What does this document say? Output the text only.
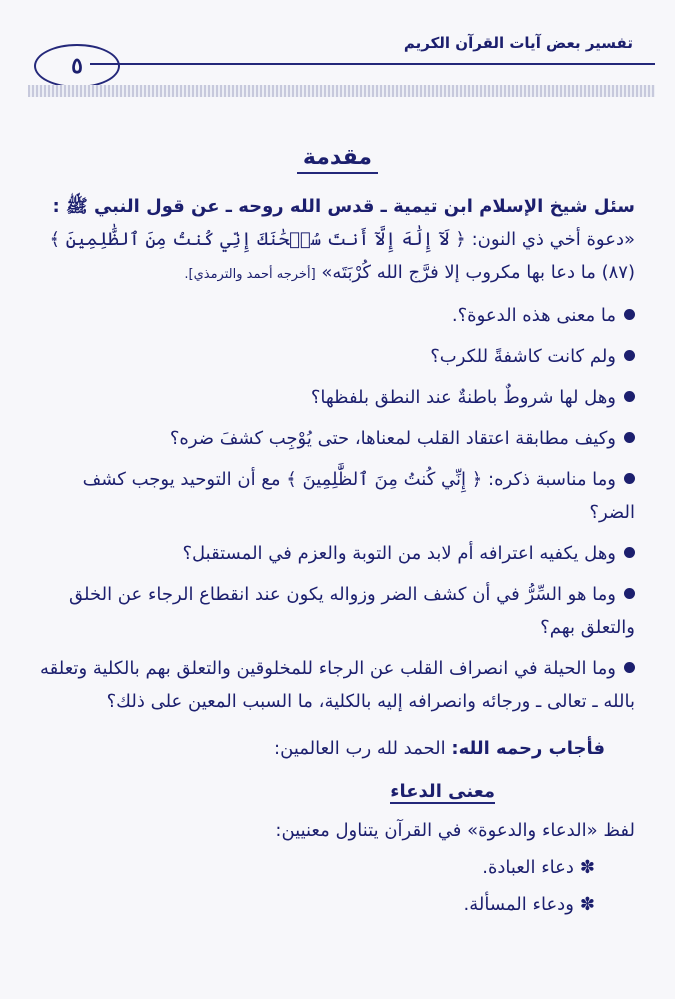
٥
تفسير بعض آيات القرآن الكريم
مقدمة

سئل شيخ الإسلام ابن تيمية ـ قدس الله روحه ـ عن قول النبي ﷺ :

«دعوة أخي ذي النون: ﴿ لَآ إِلَٰهَ إِلَّآ أَنتَ سُبۡحَٰنَكَ إِنِّي كُنتُ مِنَ ٱلظَّٰلِمِينَ ﴾ (٨٧) ما دعا بها مكروب إلا فرَّج الله كُرْبَتَه» [أخرجه أحمد والترمذي].

ما معنى هذه الدعوة؟.

ولم كانت كاشفةً للكرب؟

وهل لها شروطٌ باطنةٌ عند النطق بلفظها؟

وكيف مطابقة اعتقاد القلب لمعناها، حتى يُوْجِب كشفَ ضره؟

وما مناسبة ذكره: ﴿ إِنِّي كُنتُ مِنَ ٱلظَّٰلِمِينَ ﴾ مع أن التوحيد يوجب كشف الضر؟

وهل يكفيه اعترافه أم لابد من التوبة والعزم في المستقبل؟

وما هو السِّرُّ في أن كشف الضر وزواله يكون عند انقطاع الرجاء عن الخلق والتعلق بهم؟

وما الحيلة في انصراف القلب عن الرجاء للمخلوقين والتعلق بهم بالكلية وتعلقه بالله ـ تعالى ـ ورجائه وانصرافه إليه بالكلية، ما السبب المعين على ذلك؟

فأجاب رحمه الله: الحمد لله رب العالمين:

معنى الدعاء

لفظ «الدعاء والدعوة» في القرآن يتناول معنيين:

✽دعاء العبادة.

✽ودعاء المسألة.
